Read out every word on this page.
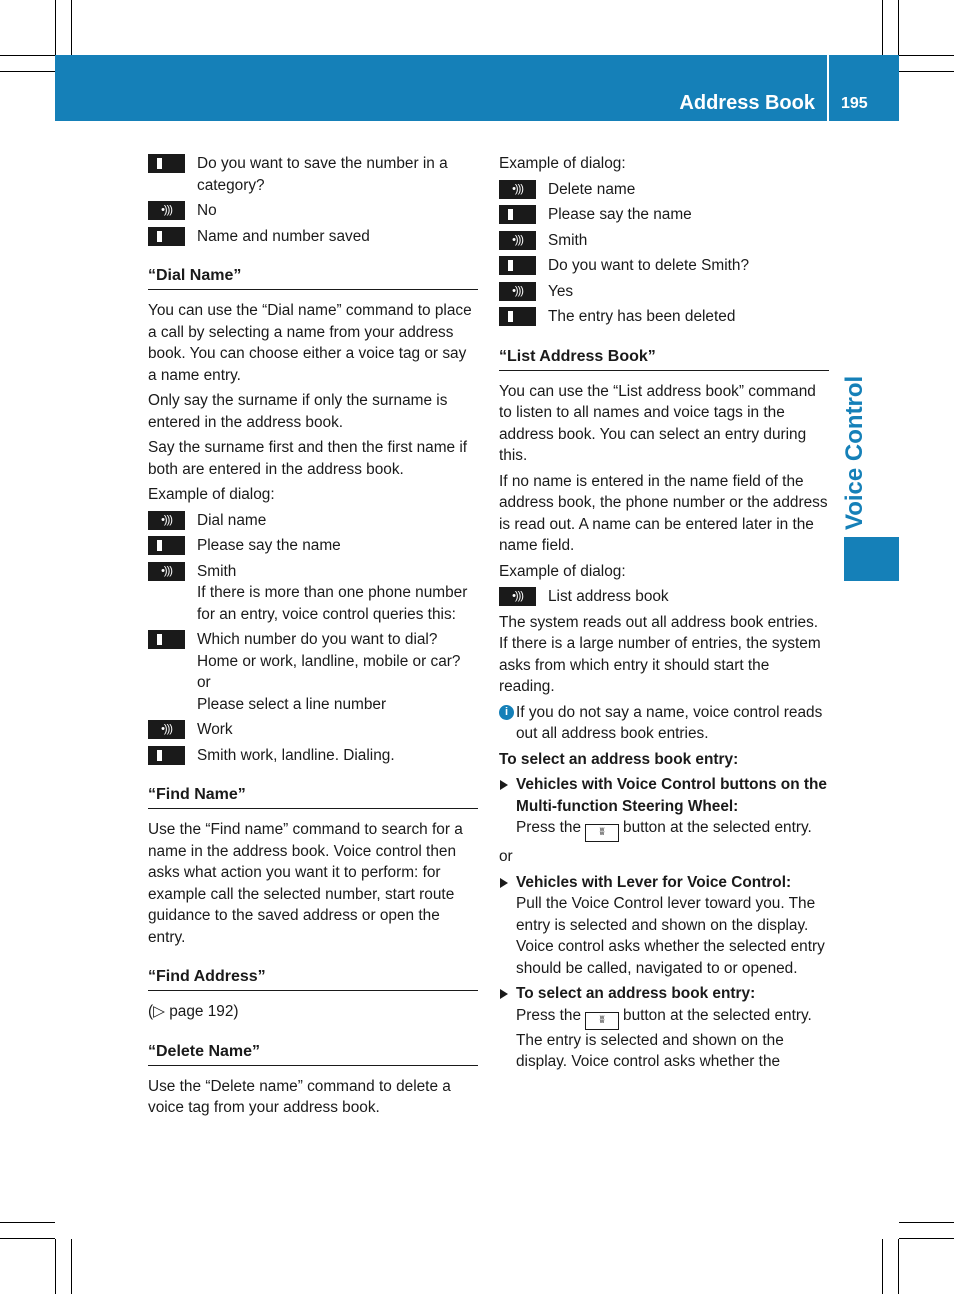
Address Book 195
Voice Control
Do you want to save the number in a category?
•)))	No
Name and number saved
“Dial Name”

You can use the “Dial name” command to place a call by selecting a name from your address book. You can choose either a voice tag or say a name entry.

Only say the surname if only the surname is entered in the address book.

Say the surname first and then the first name if both are entered in the address book.

Example of dialog:

•)))	Dial name
Please say the name
•)))	Smith
If there is more than one phone number for an entry, voice control queries this:
Which number do you want to dial? Home or work, landline, mobile or car?
or
Please select a line number
•)))	Work
Smith work, landline. Dialing.
“Find Name”

Use the “Find name” command to search for a name in the address book. Voice control then asks what action you want it to perform: for example call the selected number, start route guidance to the saved address or open the entry.

“Find Address”

(▷ page 192)

“Delete Name”

Use the “Delete name” command to delete a voice tag from your address book.

Example of dialog:

•)))	Delete name
Please say the name
•)))	Smith
Do you want to delete Smith?
•)))	Yes
The entry has been deleted
“List Address Book”

You can use the “List address book” command to listen to all names and voice tags in the address book. You can select an entry during this.

If no name is entered in the name field of the address book, the phone number or the address is read out. A name can be entered later in the name field.

Example of dialog:

•)))	List address book

The system reads out all address book entries. If there is a large number of entries, the system asks from which entry it should start the reading.

i If you do not say a name, voice control reads out all address book entries.

To select an address book entry:

Vehicles with Voice Control buttons on the Multi-function Steering Wheel:
Press the ʬ button at the selected entry.

or

Vehicles with Lever for Voice Control:
Pull the Voice Control lever toward you. The entry is selected and shown on the display. Voice control asks whether the selected entry should be called, navigated to or opened.
To select an address book entry:
Press the ʬ button at the selected entry.
The entry is selected and shown on the display. Voice control asks whether the
